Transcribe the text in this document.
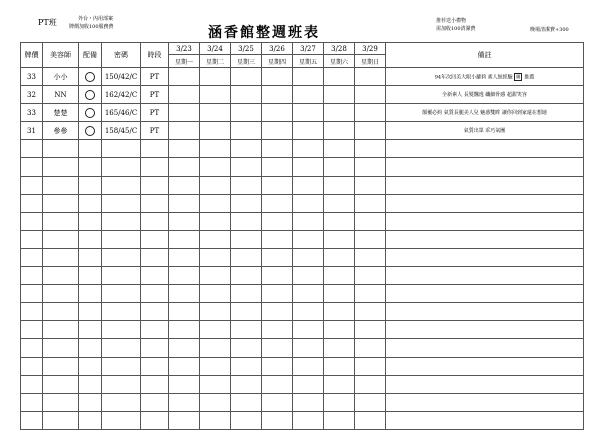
PT班	外台・內用部案
牌價加收100服務費	涵香館整週班表
推荐送小禮物
需加收100清潔費	晚場清潔費+300
牌價	美容師	配備	密碼	時段	3/23	3/24	3/25	3/26	3/27	3/28	3/29	備註
					星期一	星期二	星期三	星期四	星期五	星期六	星期日	
33	小小		150/42/C	PT								94年次回美大眼小蘿莉 素人無經驗 圖 推薦
32	NN		162/42/C	PT								全新素人 長髮飄逸 纖細骨感 超甜笑容
33	楚楚		165/46/C	PT								顛覆必約 氣質長腿美人兒 魅惑雙眸 讓你回到家還在想她
31	參參		158/45/C	PT								氣質出眾 乖巧氣團
